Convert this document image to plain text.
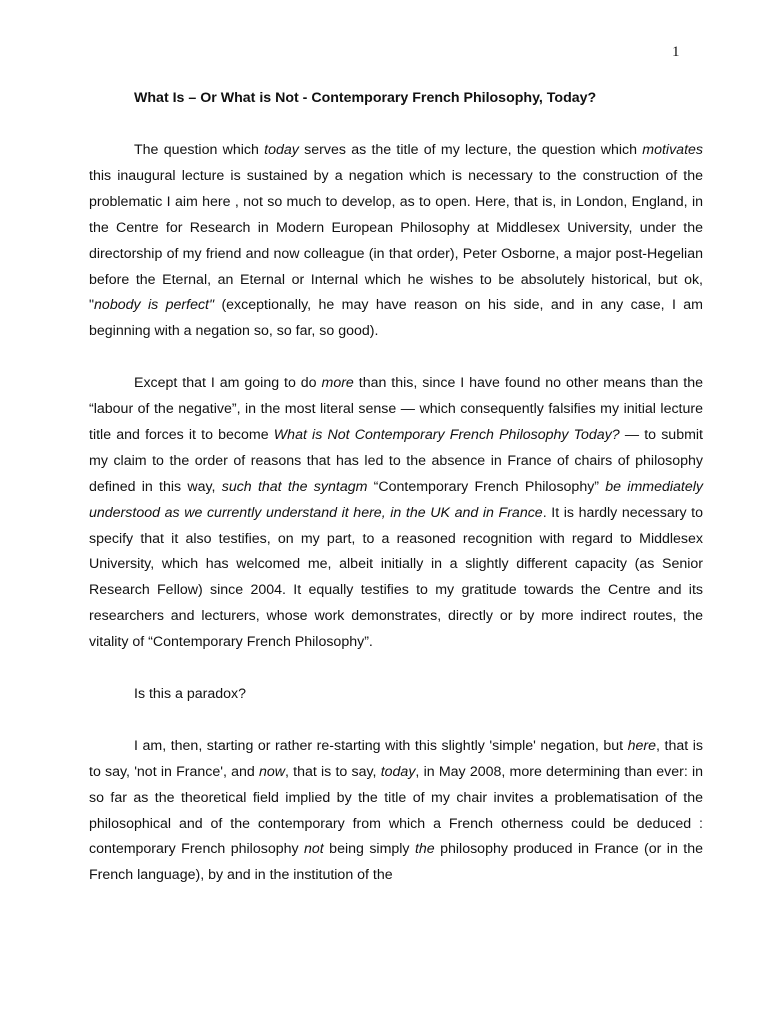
1
What Is – Or What is Not - Contemporary French Philosophy, Today?

The question which today serves as the title of my lecture, the question which motivates this inaugural lecture is sustained by a negation which is necessary to the construction of the problematic I aim here , not so much to develop, as to open. Here, that is, in London, England, in the Centre for Research in Modern European Philosophy at Middlesex University, under the directorship of my friend and now colleague (in that order), Peter Osborne, a major post-Hegelian before the Eternal, an Eternal or Internal which he wishes to be absolutely historical, but ok, "nobody is perfect" (exceptionally, he may have reason on his side, and in any case, I am beginning with a negation so, so far, so good).

Except that I am going to do more than this, since I have found no other means than the “labour of the negative”, in the most literal sense — which consequently falsifies my initial lecture title and forces it to become What is Not Contemporary French Philosophy Today? — to submit my claim to the order of reasons that has led to the absence in France of chairs of philosophy defined in this way, such that the syntagm “Contemporary French Philosophy” be immediately understood as we currently understand it here, in the UK and in France. It is hardly necessary to specify that it also testifies, on my part, to a reasoned recognition with regard to Middlesex University, which has welcomed me, albeit initially in a slightly different capacity (as Senior Research Fellow) since 2004. It equally testifies to my gratitude towards the Centre and its researchers and lecturers, whose work demonstrates, directly or by more indirect routes, the vitality of “Contemporary French Philosophy”.

Is this a paradox?

I am, then, starting or rather re-starting with this slightly 'simple' negation, but here, that is to say, 'not in France', and now, that is to say, today, in May 2008, more determining than ever: in so far as the theoretical field implied by the title of my chair invites a problematisation of the philosophical and of the contemporary from which a French otherness could be deduced : contemporary French philosophy not being simply the philosophy produced in France (or in the French language), by and in the institution of the
